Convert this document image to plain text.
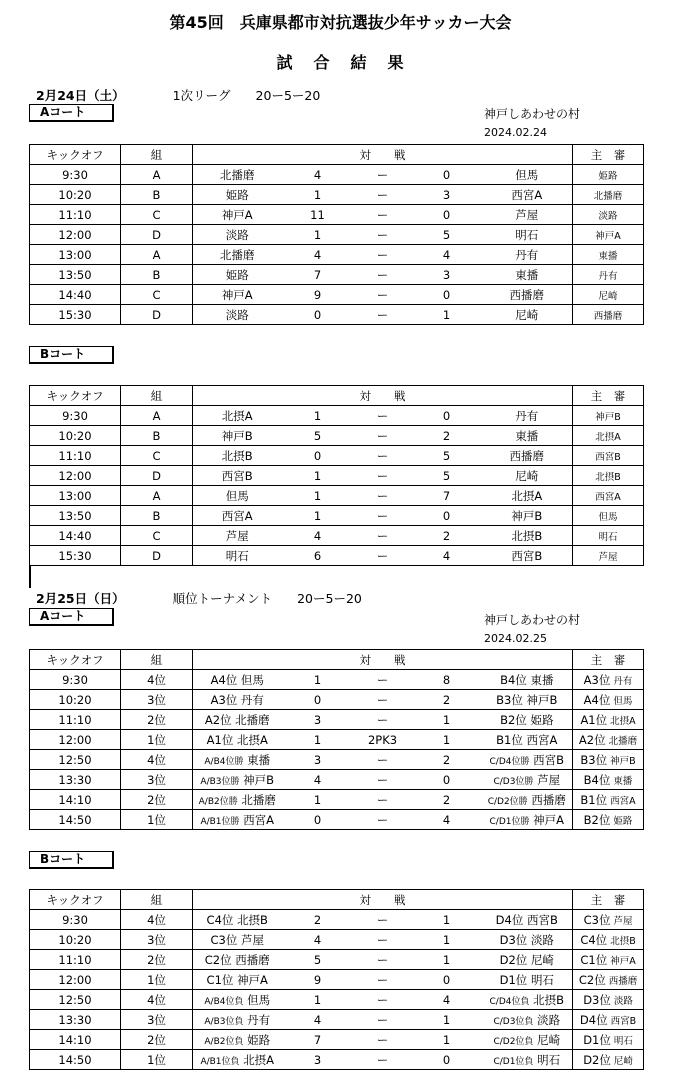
第45回　兵庫県都市対抗選抜少年サッカー大会
試 合 結 果
2月24日（土）	1次リーグ　　20ー5ー20
Aコート	神戸しあわせの村
2024.02.24
キックオフ	組	対　　戦					主　審
9:30	A	北播磨	4	ー	0	但馬	姫路
10:20	B	姫路	1	ー	3	西宮A	北播磨
11:10	C	神戸A	11	ー	0	芦屋	淡路
12:00	D	淡路	1	ー	5	明石	神戸A
13:00	A	北播磨	4	ー	4	丹有	東播
13:50	B	姫路	7	ー	3	東播	丹有
14:40	C	神戸A	9	ー	0	西播磨	尼崎
15:30	D	淡路	0	ー	1	尼崎	西播磨
Bコート
キックオフ	組	対　　戦					主　審
9:30	A	北摂A	1	ー	0	丹有	神戸B
10:20	B	神戸B	5	ー	2	東播	北摂A
11:10	C	北摂B	0	ー	5	西播磨	西宮B
12:00	D	西宮B	1	ー	5	尼崎	北摂B
13:00	A	但馬	1	ー	7	北摂A	西宮A
13:50	B	西宮A	1	ー	0	神戸B	但馬
14:40	C	芦屋	4	ー	2	北摂B	明石
15:30	D	明石	6	ー	4	西宮B	芦屋
2月25日（日）	順位トーナメント　　20ー5ー20
Aコート	神戸しあわせの村
2024.02.25
キックオフ	組	対　　戦					主　審
9:30	4位	A4位 但馬	1	ー	8	B4位 東播	A3位 丹有
10:20	3位	A3位 丹有	0	ー	2	B3位 神戸B	A4位 但馬
11:10	2位	A2位 北播磨	3	ー	1	B2位 姫路	A1位 北摂A
12:00	1位	A1位 北摂A	1	2PK3	1	B1位 西宮A	A2位 北播磨
12:50	4位	A/B4位勝 東播	3	ー	2	C/D4位勝 西宮B	B3位 神戸B
13:30	3位	A/B3位勝 神戸B	4	ー	0	C/D3位勝 芦屋	B4位 東播
14:10	2位	A/B2位勝 北播磨	1	ー	2	C/D2位勝 西播磨	B1位 西宮A
14:50	1位	A/B1位勝 西宮A	0	ー	4	C/D1位勝 神戸A	B2位 姫路
Bコート
キックオフ	組	対　　戦					主　審
9:30	4位	C4位 北摂B	2	ー	1	D4位 西宮B	C3位 芦屋
10:20	3位	C3位 芦屋	4	ー	1	D3位 淡路	C4位 北摂B
11:10	2位	C2位 西播磨	5	ー	1	D2位 尼崎	C1位 神戸A
12:00	1位	C1位 神戸A	9	ー	0	D1位 明石	C2位 西播磨
12:50	4位	A/B4位負 但馬	1	ー	4	C/D4位負 北摂B	D3位 淡路
13:30	3位	A/B3位負 丹有	4	ー	1	C/D3位負 淡路	D4位 西宮B
14:10	2位	A/B2位負 姫路	7	ー	1	C/D2位負 尼崎	D1位 明石
14:50	1位	A/B1位負 北摂A	3	ー	0	C/D1位負 明石	D2位 尼崎
